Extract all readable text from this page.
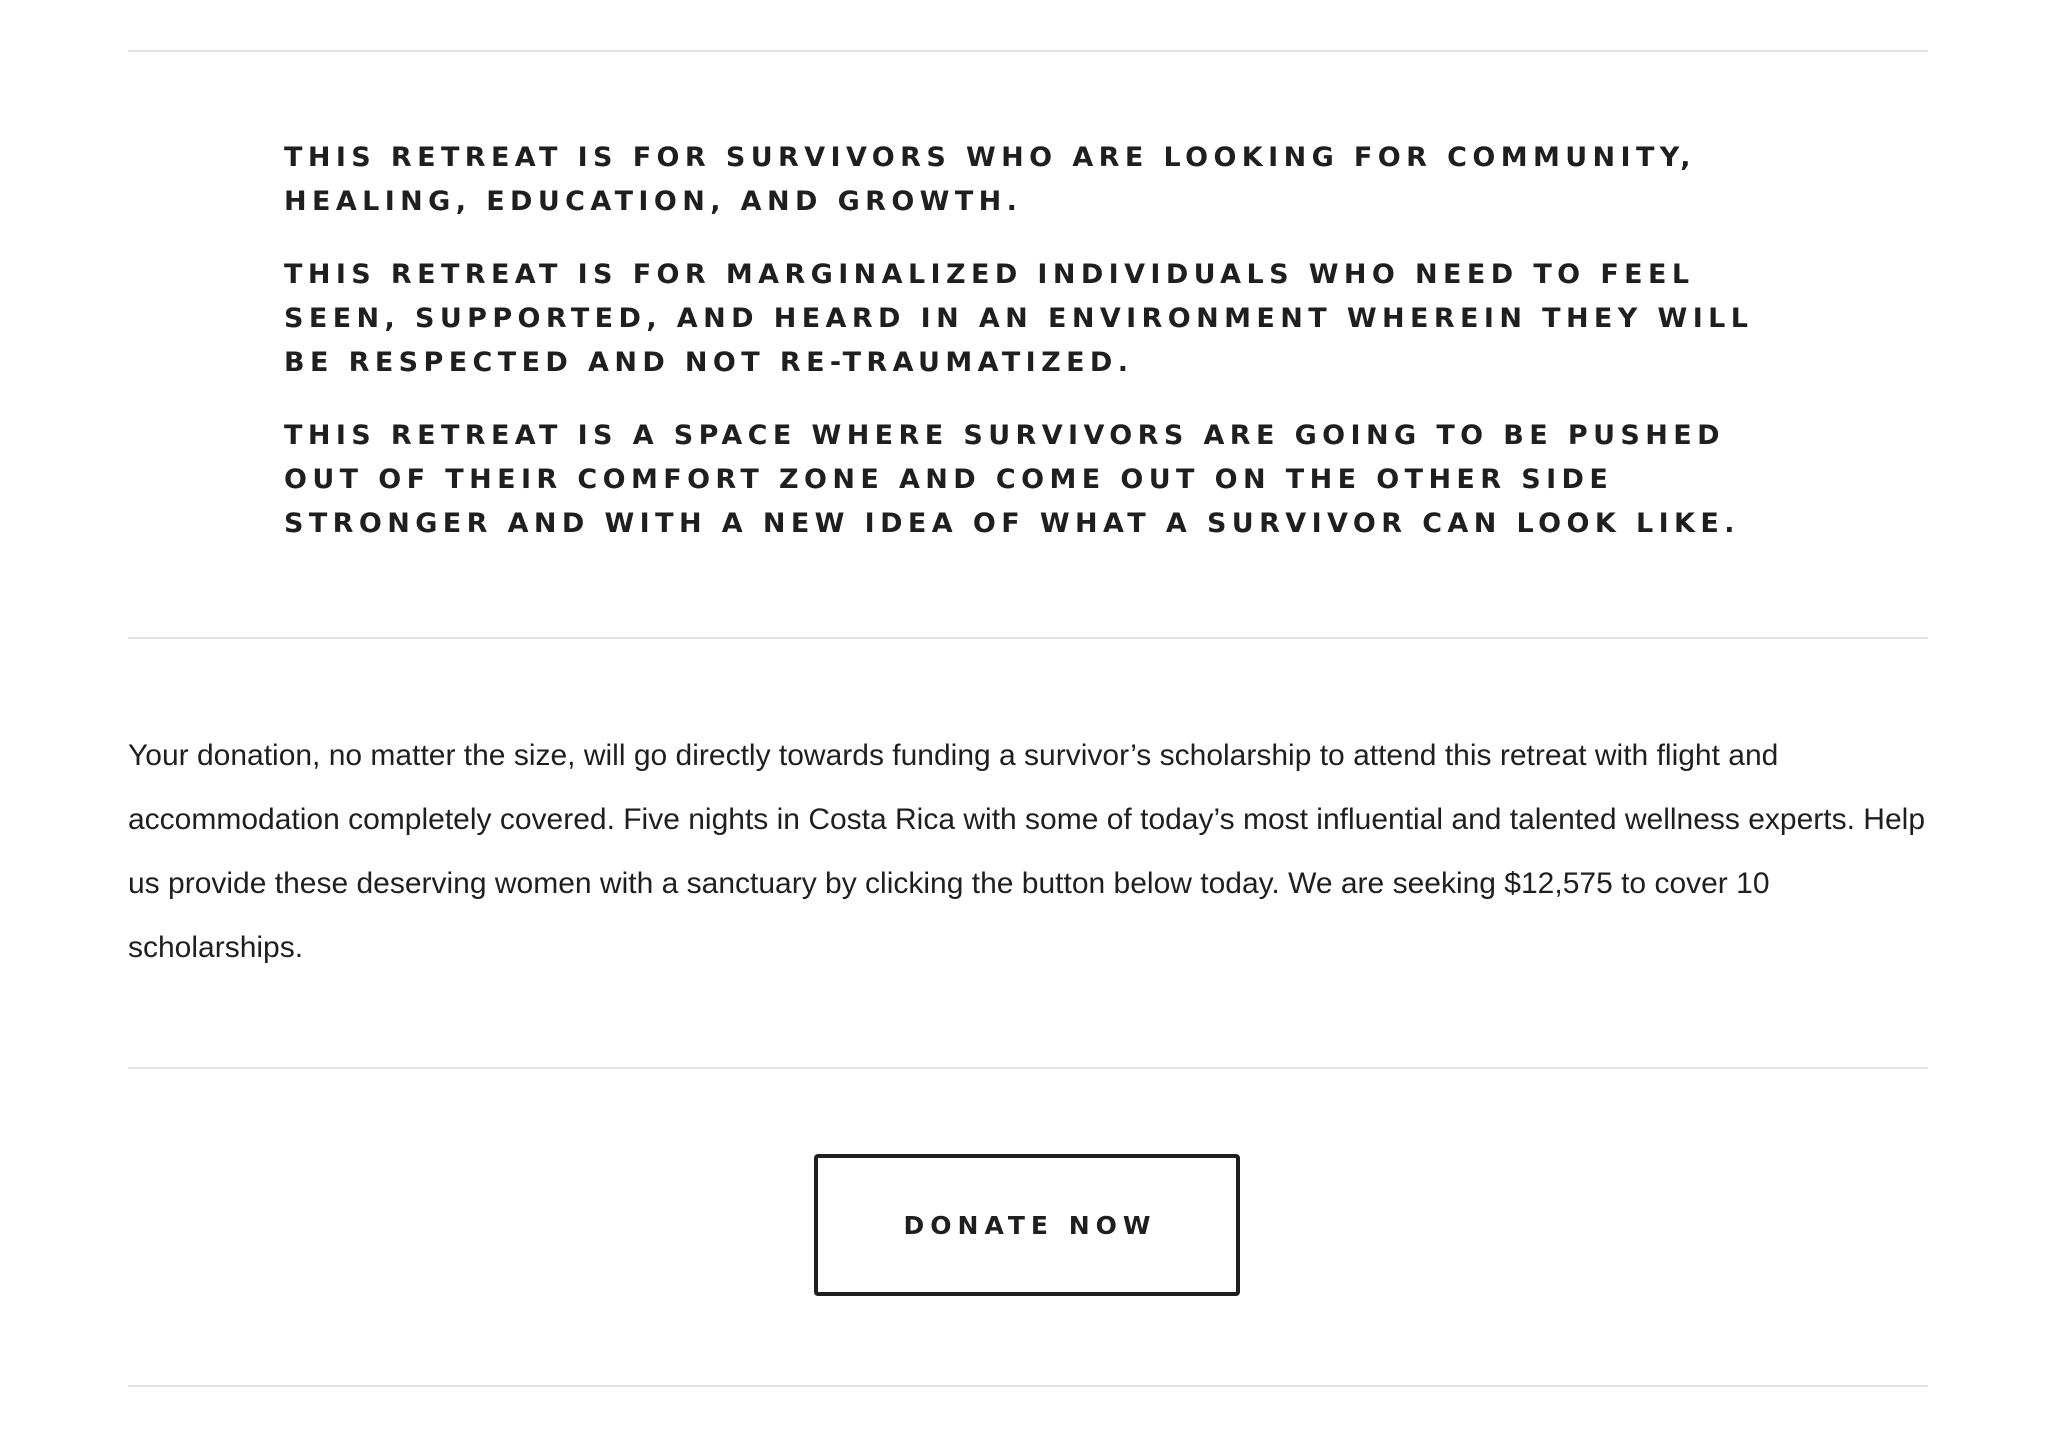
THIS RETREAT IS FOR SURVIVORS WHO ARE LOOKING FOR COMMUNITY, HEALING, EDUCATION, AND GROWTH.

THIS RETREAT IS FOR MARGINALIZED INDIVIDUALS WHO NEED TO FEEL SEEN, SUPPORTED, AND HEARD IN AN ENVIRONMENT WHEREIN THEY WILL BE RESPECTED AND NOT RE-TRAUMATIZED.

THIS RETREAT IS A SPACE WHERE SURVIVORS ARE GOING TO BE PUSHED OUT OF THEIR COMFORT ZONE AND COME OUT ON THE OTHER SIDE STRONGER AND WITH A NEW IDEA OF WHAT A SURVIVOR CAN LOOK LIKE.

Your donation, no matter the size, will go directly towards funding a survivor’s scholarship to attend this retreat with flight and accommodation completely covered. Five nights in Costa Rica with some of today’s most influential and talented wellness experts. Help us provide these deserving women with a sanctuary by clicking the button below today. We are seeking $12,575 to cover 10 scholarships.

DONATE NOW
